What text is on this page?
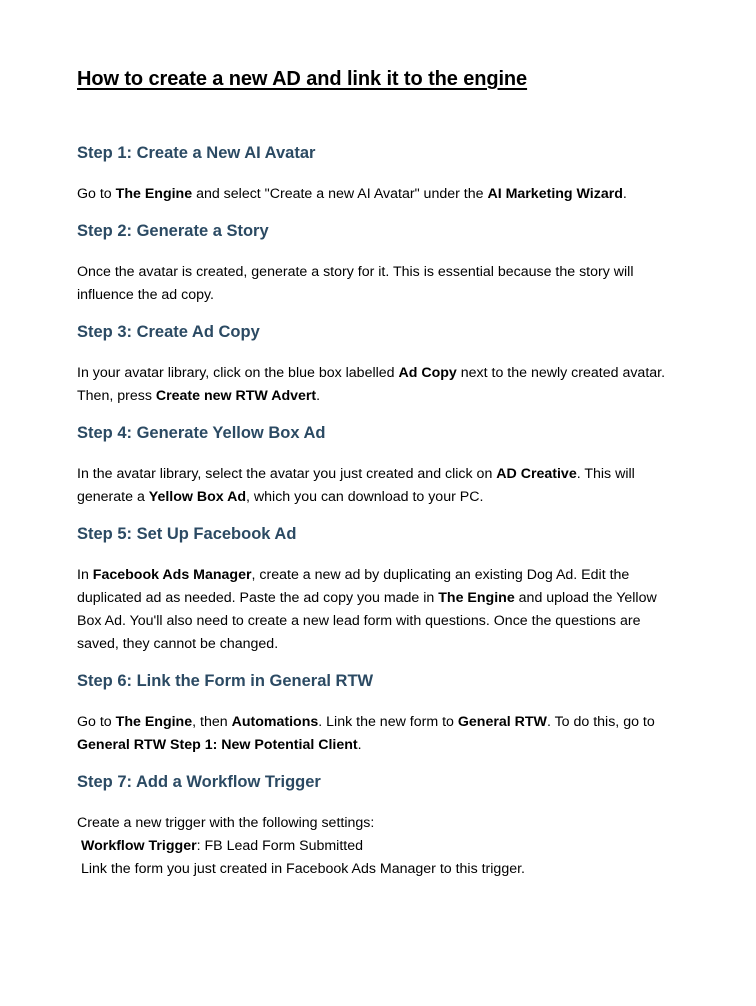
How to create a new AD and link it to the engine
Step 1: Create a New AI Avatar

Go to The Engine and select "Create a new AI Avatar" under the AI Marketing Wizard.

Step 2: Generate a Story

Once the avatar is created, generate a story for it. This is essential because the story will influence the ad copy.

Step 3: Create Ad Copy

In your avatar library, click on the blue box labelled Ad Copy next to the newly created avatar. Then, press Create new RTW Advert.

Step 4: Generate Yellow Box Ad

In the avatar library, select the avatar you just created and click on AD Creative. This will generate a Yellow Box Ad, which you can download to your PC.

Step 5: Set Up Facebook Ad

In Facebook Ads Manager, create a new ad by duplicating an existing Dog Ad. Edit the duplicated ad as needed. Paste the ad copy you made in The Engine and upload the Yellow Box Ad. You'll also need to create a new lead form with questions. Once the questions are saved, they cannot be changed.

Step 6: Link the Form in General RTW

Go to The Engine, then Automations. Link the new form to General RTW. To do this, go to General RTW Step 1: New Potential Client.

Step 7: Add a Workflow Trigger
Create a new trigger with the following settings:
Workflow Trigger: FB Lead Form Submitted
Link the form you just created in Facebook Ads Manager to this trigger.
